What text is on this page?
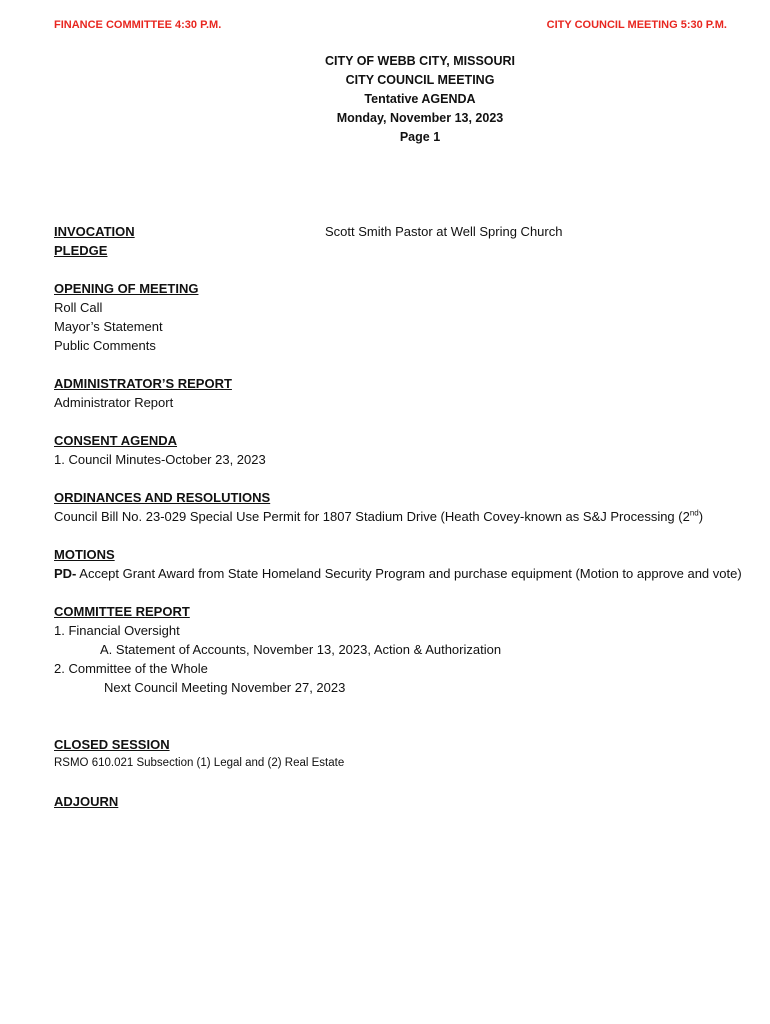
FINANCE COMMITTEE 4:30 P.M.	CITY COUNCIL MEETING 5:30 P.M.
CITY OF WEBB CITY, MISSOURI
CITY COUNCIL MEETING
Tentative AGENDA
Monday, November 13, 2023
Page 1
INVOCATION	Scott Smith Pastor at Well Spring Church
PLEDGE
OPENING OF MEETING
Roll Call
Mayor’s Statement
Public Comments
ADMINISTRATOR’S REPORT
Administrator Report
CONSENT AGENDA
1. Council Minutes-October 23, 2023
ORDINANCES AND RESOLUTIONS
Council Bill No. 23-029 Special Use Permit for 1807 Stadium Drive (Heath Covey-known as S&J Processing (2nd)
MOTIONS
PD- Accept Grant Award from State Homeland Security Program and purchase equipment (Motion to approve and vote)
COMMITTEE REPORT
1. Financial Oversight
A. Statement of Accounts, November 13, 2023, Action & Authorization
2. Committee of the Whole
Next Council Meeting November 27, 2023
CLOSED SESSION
RSMO 610.021 Subsection (1) Legal and (2) Real Estate
ADJOURN
